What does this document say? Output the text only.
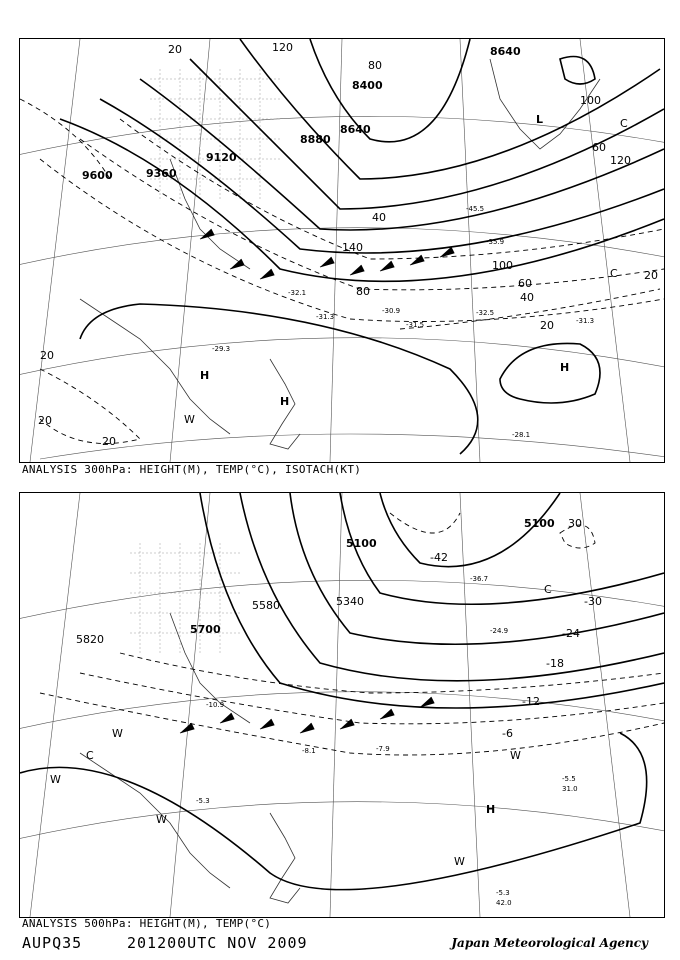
9600	9360
9120
8880
8640
8400
8640
20
40
60
80
100
120
140
40
60
80
100
120
20
20
20
20
20
-30.9
-31.5
-31.3	-32.5
-28.1
-31.3
-29.3
-32.1
-35.9
-45.5
H
H
H
L
W
C
C
ANALYSIS 300hPa: HEIGHT(M), TEMP(°C), ISOTACH(KT)
5100
5100
5340
5580
5700
5820
-42
-30
-24
-18
-12
-6
30
-36.7
-24.9
-10.9
-7.9
-8.1
-5.3
-5.5
-5.3
31.0
42.0
H
W
W
W
C
C
W
W
ANALYSIS 500hPa: HEIGHT(M), TEMP(°C)
AUPQ35	201200UTC NOV 2009	Japan Meteorological Agency
